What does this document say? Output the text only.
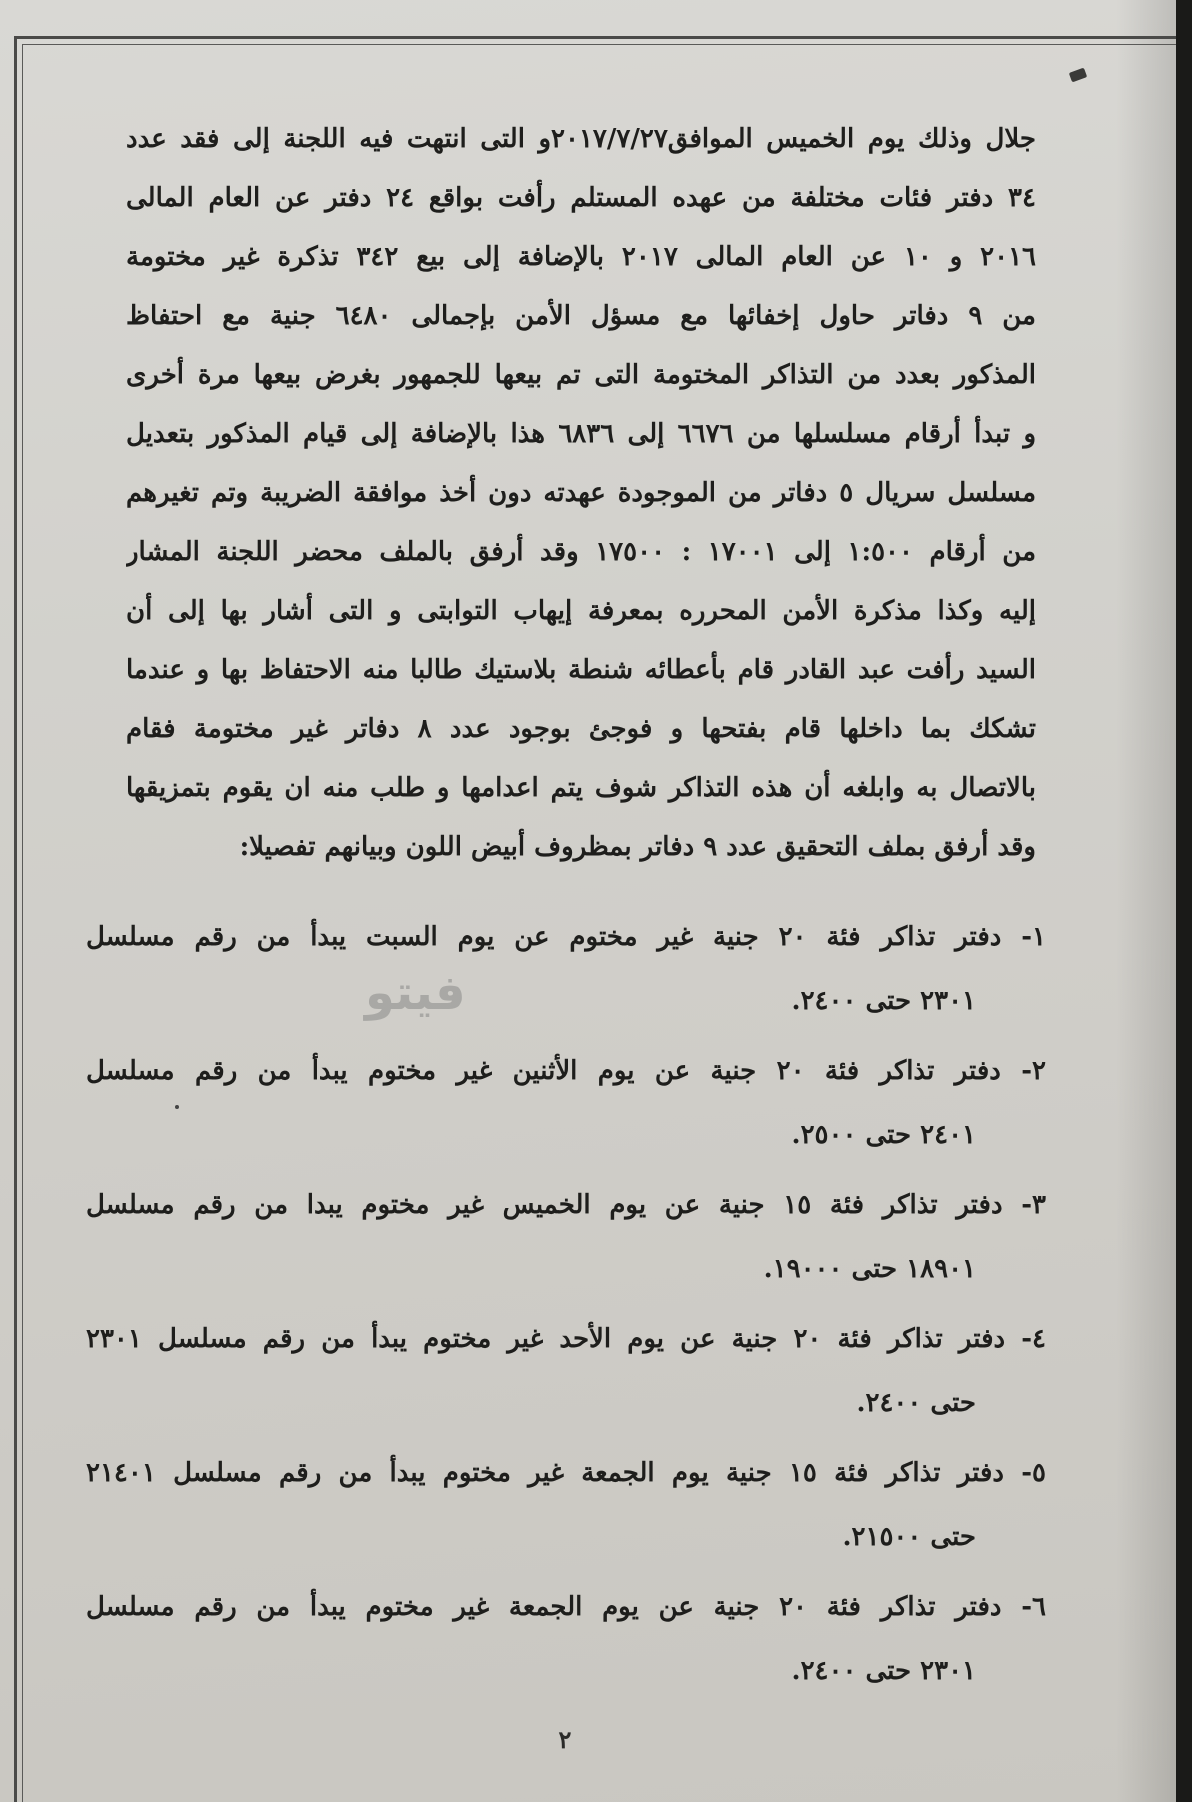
جلال وذلك يوم الخميس الموافق٢٠١٧/٧/٢٧و التى انتهت فيه اللجنة إلى فقد عدد
٣٤ دفتر فئات مختلفة من عهده المستلم رأفت بواقع ٢٤ دفتر عن العام المالى
٢٠١٦ و ١٠ عن العام المالى ٢٠١٧ بالإضافة إلى بيع ٣٤٢ تذكرة غير مختومة
من ٩ دفاتر حاول إخفائها مع مسؤل الأمن بإجمالى ٦٤٨٠ جنية مع احتفاظ
المذكور بعدد من التذاكر المختومة التى تم بيعها للجمهور بغرض بيعها مرة أخرى
و تبدأ أرقام مسلسلها من ٦٦٧٦ إلى ٦٨٣٦ هذا بالإضافة إلى قيام المذكور بتعديل
مسلسل سريال ٥ دفاتر من الموجودة عهدته دون أخذ موافقة الضريبة وتم تغيرهم
من أرقام ١:٥٠٠ إلى ١٧٠٠١ : ١٧٥٠٠ وقد أرفق بالملف محضر اللجنة المشار
إليه وكذا مذكرة الأمن المحرره بمعرفة إيهاب التوابتى و التى أشار بها إلى أن
السيد رأفت عبد القادر قام بأعطائه شنطة بلاستيك طالبا منه الاحتفاظ بها و عندما
تشكك بما داخلها قام بفتحها و فوجئ بوجود عدد ٨ دفاتر غير مختومة فقام
بالاتصال به وابلغه أن هذه التذاكر شوف يتم اعدامها و طلب منه ان يقوم بتمزيقها
وقد أرفق بملف التحقيق عدد ٩ دفاتر بمظروف أبيض اللون وبيانهم تفصيلا:
١- دفتر تذاكر فئة ٢٠ جنية غير مختوم عن يوم السبت يبدأ من رقم مسلسل
٢٣٠١ حتى ٢٤٠٠.
٢- دفتر تذاكر فئة ٢٠ جنية عن يوم الأثنين غير مختوم يبدأ من رقم مسلسل
٢٤٠١ حتى ٢٥٠٠.
٣- دفتر تذاكر فئة ١٥ جنية عن يوم الخميس غير مختوم يبدا من رقم مسلسل
١٨٩٠١ حتى ١٩٠٠٠.
٤- دفتر تذاكر فئة ٢٠ جنية عن يوم الأحد غير مختوم يبدأ من رقم مسلسل ٢٣٠١
حتى ٢٤٠٠.
٥- دفتر تذاكر فئة ١٥ جنية يوم الجمعة غير مختوم يبدأ من رقم مسلسل ٢١٤٠١
حتى ٢١٥٠٠.
٦- دفتر تذاكر فئة ٢٠ جنية عن يوم الجمعة غير مختوم يبدأ من رقم مسلسل
٢٣٠١ حتى ٢٤٠٠.
فيتو
٢
